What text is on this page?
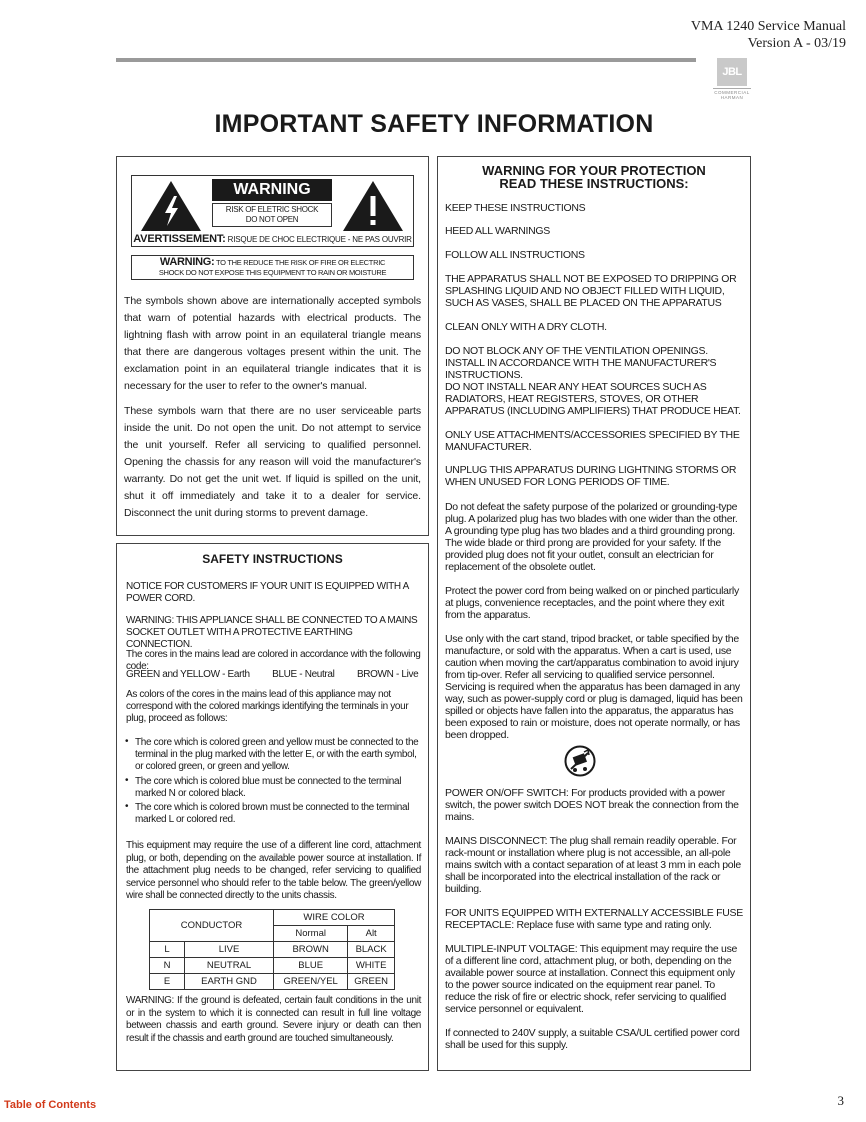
VMA 1240 Service Manual
Version A - 03/19
JBL
COMMERCIAL
HARMAN
IMPORTANT SAFETY INFORMATION
WARNING
RISK OF ELETRIC SHOCK
DO NOT OPEN
AVERTISSEMENT: RISQUE DE CHOC ELECTRIQUE - NE PAS OUVRIR
WARNING: TO THE REDUCE THE RISK OF FIRE OR ELECTRIC
SHOCK DO NOT EXPOSE THIS EQUIPMENT TO RAIN OR MOISTURE

The symbols shown above are internationally accepted symbols that warn of potential hazards with electrical products. The lightning flash with arrow point in an equilateral triangle means that there are dangerous voltages present within the unit. The exclamation point in an equilateral triangle indicates that it is necessary for the user to refer to the owner's manual.

These symbols warn that there are no user serviceable parts inside the unit. Do not open the unit. Do not attempt to service the unit yourself. Refer all servicing to qualified personnel. Opening the chassis for any reason will void the manufacturer's warranty. Do not get the unit wet. If liquid is spilled on the unit, shut it off immediately and take it to a dealer for service. Disconnect the unit during storms to prevent damage.

SAFETY INSTRUCTIONS

NOTICE FOR CUSTOMERS IF YOUR UNIT IS EQUIPPED WITH A POWER CORD.

WARNING: THIS APPLIANCE SHALL BE CONNECTED TO A MAINS SOCKET OUTLET WITH A PROTECTIVE EARTHING CONNECTION.

The cores in the mains lead are colored in accordance with the following code:

GREEN and YELLOW - Earth BLUE - Neutral BROWN - Live

As colors of the cores in the mains lead of this appliance may not correspond with the colored markings identifying the terminals in your plug, proceed as follows:

• The core which is colored green and yellow must be connected to the terminal in the plug marked with the letter E, or with the earth symbol, or colored green, or green and yellow.

• The core which is colored blue must be connected to the terminal marked N or colored black.

• The core which is colored brown must be connected to the terminal marked L or colored red.

This equipment may require the use of a different line cord, attachment plug, or both, depending on the available power source at installation. If the attachment plug needs to be changed, refer servicing to qualified service personnel who should refer to the table below. The green/yellow wire shall be connected directly to the units chassis.

CONDUCTOR		WIRE COLOR	
		Normal	Alt
L	LIVE	BROWN	BLACK
N	NEUTRAL	BLUE	WHITE
E	EARTH GND	GREEN/YEL	GREEN

WARNING: If the ground is defeated, certain fault conditions in the unit or in the system to which it is connected can result in full line voltage between chassis and earth ground. Severe injury or death can then result if the chassis and earth ground are touched simultaneously.

WARNING FOR YOUR PROTECTION
READ THESE INSTRUCTIONS:

KEEP THESE INSTRUCTIONS

HEED ALL WARNINGS

FOLLOW ALL INSTRUCTIONS

THE APPARATUS SHALL NOT BE EXPOSED TO DRIPPING OR SPLASHING LIQUID AND NO OBJECT FILLED WITH LIQUID, SUCH AS VASES, SHALL BE PLACED ON THE APPARATUS

CLEAN ONLY WITH A DRY CLOTH.

DO NOT BLOCK ANY OF THE VENTILATION OPENINGS. INSTALL IN ACCORDANCE WITH THE MANUFACTURER'S INSTRUCTIONS.

DO NOT INSTALL NEAR ANY HEAT SOURCES SUCH AS RADIATORS, HEAT REGISTERS, STOVES, OR OTHER APPARATUS (INCLUDING AMPLIFIERS) THAT PRODUCE HEAT.

ONLY USE ATTACHMENTS/ACCESSORIES SPECIFIED BY THE MANUFACTURER.

UNPLUG THIS APPARATUS DURING LIGHTNING STORMS OR WHEN UNUSED FOR LONG PERIODS OF TIME.

Do not defeat the safety purpose of the polarized or grounding-type plug. A polarized plug has two blades with one wider than the other. A grounding type plug has two blades and a third grounding prong. The wide blade or third prong are provided for your safety. If the provided plug does not fit your outlet, consult an electrician for replacement of the obsolete outlet.

Protect the power cord from being walked on or pinched particularly at plugs, convenience receptacles, and the point where they exit from the apparatus.

Use only with the cart stand, tripod bracket, or table specified by the manufacture, or sold with the apparatus. When a cart is used, use caution when moving the cart/apparatus combination to avoid injury from tip-over. Refer all servicing to qualified service personnel. Servicing is required when the apparatus has been damaged in any way, such as power-supply cord or plug is damaged, liquid has been spilled or objects have fallen into the apparatus, the apparatus has been exposed to rain or moisture, does not operate normally, or has been dropped.

POWER ON/OFF SWITCH: For products provided with a power switch, the power switch DOES NOT break the connection from the mains.

MAINS DISCONNECT: The plug shall remain readily operable. For rack-mount or installation where plug is not accessible, an all-pole mains switch with a contact separation of at least 3 mm in each pole shall be incorporated into the electrical installation of the rack or building.

FOR UNITS EQUIPPED WITH EXTERNALLY ACCESSIBLE FUSE RECEPTACLE: Replace fuse with same type and rating only.

MULTIPLE-INPUT VOLTAGE: This equipment may require the use of a different line cord, attachment plug, or both, depending on the available power source at installation. Connect this equipment only to the power source indicated on the equipment rear panel. To reduce the risk of fire or electric shock, refer servicing to qualified service personnel or equivalent.

If connected to 240V supply, a suitable CSA/UL certified power cord shall be used for this supply.

Table of Contents	3
